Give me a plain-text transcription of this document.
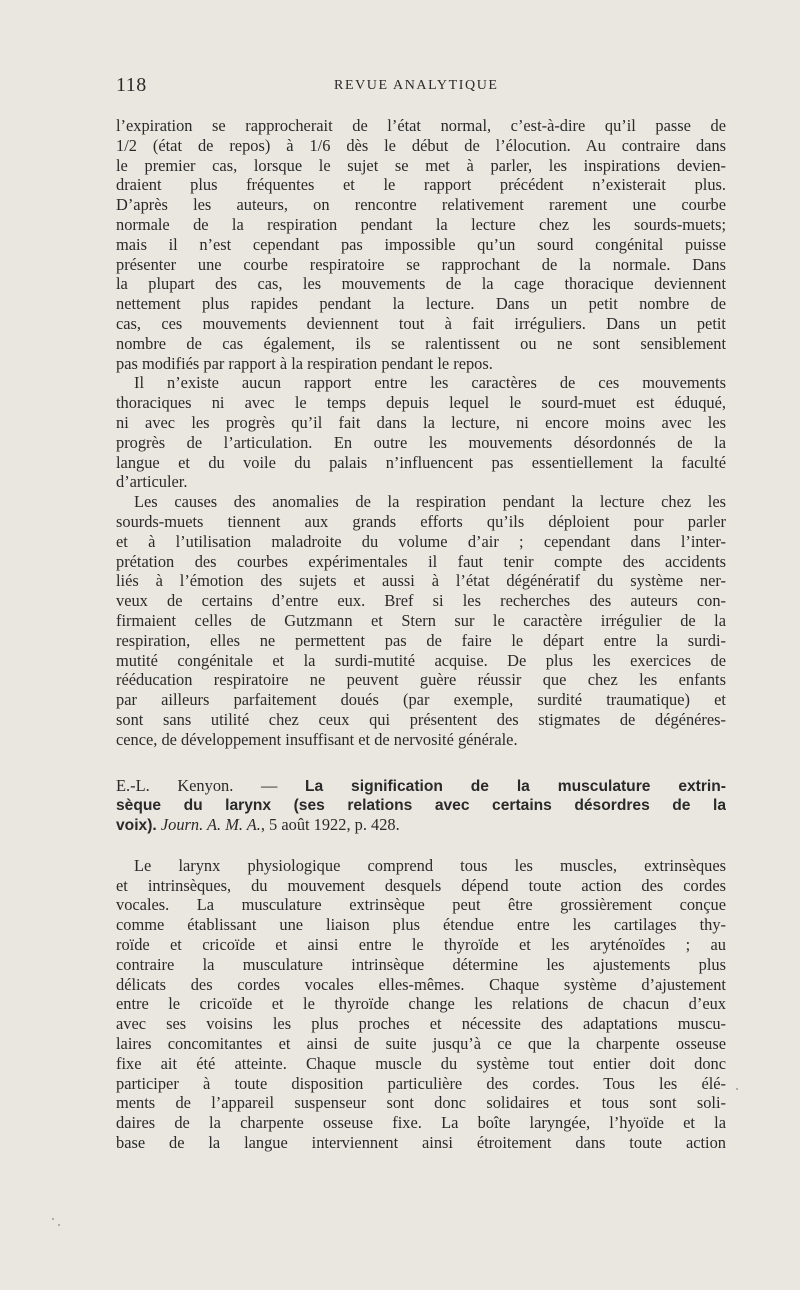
118	REVUE ANALYTIQUE
l’expiration se rapprocherait de l’état normal, c’est-à-dire qu’il passe de
1/2 (état de repos) à 1/6 dès le début de l’élocution. Au contraire dans
le premier cas, lorsque le sujet se met à parler, les inspirations devien-
draient plus fréquentes et le rapport précédent n’existerait plus.
D’après les auteurs, on rencontre relativement rarement une courbe
normale de la respiration pendant la lecture chez les sourds-muets;
mais il n’est cependant pas impossible qu’un sourd congénital puisse
présenter une courbe respiratoire se rapprochant de la normale. Dans
la plupart des cas, les mouvements de la cage thoracique deviennent
nettement plus rapides pendant la lecture. Dans un petit nombre de
cas, ces mouvements deviennent tout à fait irréguliers. Dans un petit
nombre de cas également, ils se ralentissent ou ne sont sensiblement
pas modifiés par rapport à la respiration pendant le repos.
Il n’existe aucun rapport entre les caractères de ces mouvements
thoraciques ni avec le temps depuis lequel le sourd-muet est éduqué,
ni avec les progrès qu’il fait dans la lecture, ni encore moins avec les
progrès de l’articulation. En outre les mouvements désordonnés de la
langue et du voile du palais n’influencent pas essentiellement la faculté
d’articuler.
Les causes des anomalies de la respiration pendant la lecture chez les
sourds-muets tiennent aux grands efforts qu’ils déploient pour parler
et à l’utilisation maladroite du volume d’air ; cependant dans l’inter-
prétation des courbes expérimentales il faut tenir compte des accidents
liés à l’émotion des sujets et aussi à l’état dégénératif du système ner-
veux de certains d’entre eux. Bref si les recherches des auteurs con-
firmaient celles de Gutzmann et Stern sur le caractère irrégulier de la
respiration, elles ne permettent pas de faire le départ entre la surdi-
mutité congénitale et la surdi-mutité acquise. De plus les exercices de
rééducation respiratoire ne peuvent guère réussir que chez les enfants
par ailleurs parfaitement doués (par exemple, surdité traumatique) et
sont sans utilité chez ceux qui présentent des stigmates de dégénéres-
cence, de développement insuffisant et de nervosité générale.
E.-L. Kenyon. — La signification de la musculature extrin-
sèque du larynx (ses relations avec certains désordres de la
voix). Journ. A. M. A., 5 août 1922, p. 428.
Le larynx physiologique comprend tous les muscles, extrinsèques
et intrinsèques, du mouvement desquels dépend toute action des cordes
vocales. La musculature extrinsèque peut être grossièrement conçue
comme établissant une liaison plus étendue entre les cartilages thy-
roïde et cricoïde et ainsi entre le thyroïde et les aryténoïdes ; au
contraire la musculature intrinsèque détermine les ajustements plus
délicats des cordes vocales elles-mêmes. Chaque système d’ajustement
entre le cricoïde et le thyroïde change les relations de chacun d’eux
avec ses voisins les plus proches et nécessite des adaptations muscu-
laires concomitantes et ainsi de suite jusqu’à ce que la charpente osseuse
fixe ait été atteinte. Chaque muscle du système tout entier doit donc
participer à toute disposition particulière des cordes. Tous les élé-
ments de l’appareil suspenseur sont donc solidaires et tous sont soli-
daires de la charpente osseuse fixe. La boîte laryngée, l’hyoïde et la
base de la langue interviennent ainsi étroitement dans toute action
